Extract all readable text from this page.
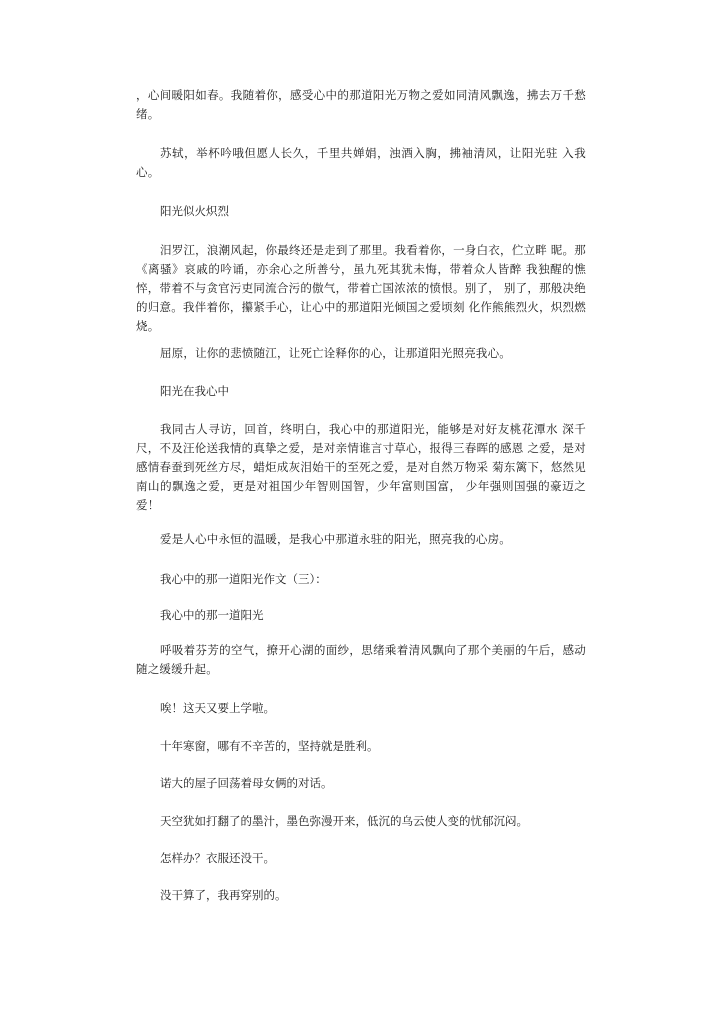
，心间暖阳如春。我随着你，感受心中的那道阳光万物之爱如同清风飘逸，拂去万千愁绪。

苏轼，举杯吟哦但愿人长久，千里共婵娟，浊酒入胸，拂袖清风，让阳光驻 入我心。

阳光似火炽烈

汨罗江，浪潮风起，你最终还是走到了那里。我看着你，一身白衣，伫立畔 昵。那《离骚》哀戚的吟诵，亦余心之所善兮，虽九死其犹未悔，带着众人皆醉 我独醒的憔悴，带着不与贪官污吏同流合污的傲气，带着亡国浓浓的愤恨。别了， 别了，那般决绝的归意。我伴着你，攥紧手心，让心中的那道阳光倾国之爱顷刻 化作熊熊烈火，炽烈燃烧。

屈原，让你的悲愤随江，让死亡诠释你的心，让那道阳光照亮我心。

阳光在我心中

我同古人寻访，回首，终明白，我心中的那道阳光，能够是对好友桃花潭水 深千尺，不及汪伦送我情的真挚之爱，是对亲情谁言寸草心，报得三春晖的感恩 之爱，是对感情春蚕到死丝方尽，蜡炬成灰泪始干的至死之爱，是对自然万物采 菊东篱下，悠然见南山的飘逸之爱，更是对祖国少年智则国智，少年富则国富， 少年强则国强的豪迈之爱！

爱是人心中永恒的温暖，是我心中那道永驻的阳光，照亮我的心房。

我心中的那一道阳光作文（三）：

我心中的那一道阳光

呼吸着芬芳的空气，撩开心湖的面纱，思绪乘着清风飘向了那个美丽的午后，感动随之缓缓升起。

唉！这天又要上学啦。

十年寒窗，哪有不辛苦的，坚持就是胜利。

诺大的屋子回荡着母女俩的对话。

天空犹如打翻了的墨汁，墨色弥漫开来，低沉的乌云使人变的忧郁沉闷。

怎样办？衣服还没干。

没干算了，我再穿别的。
